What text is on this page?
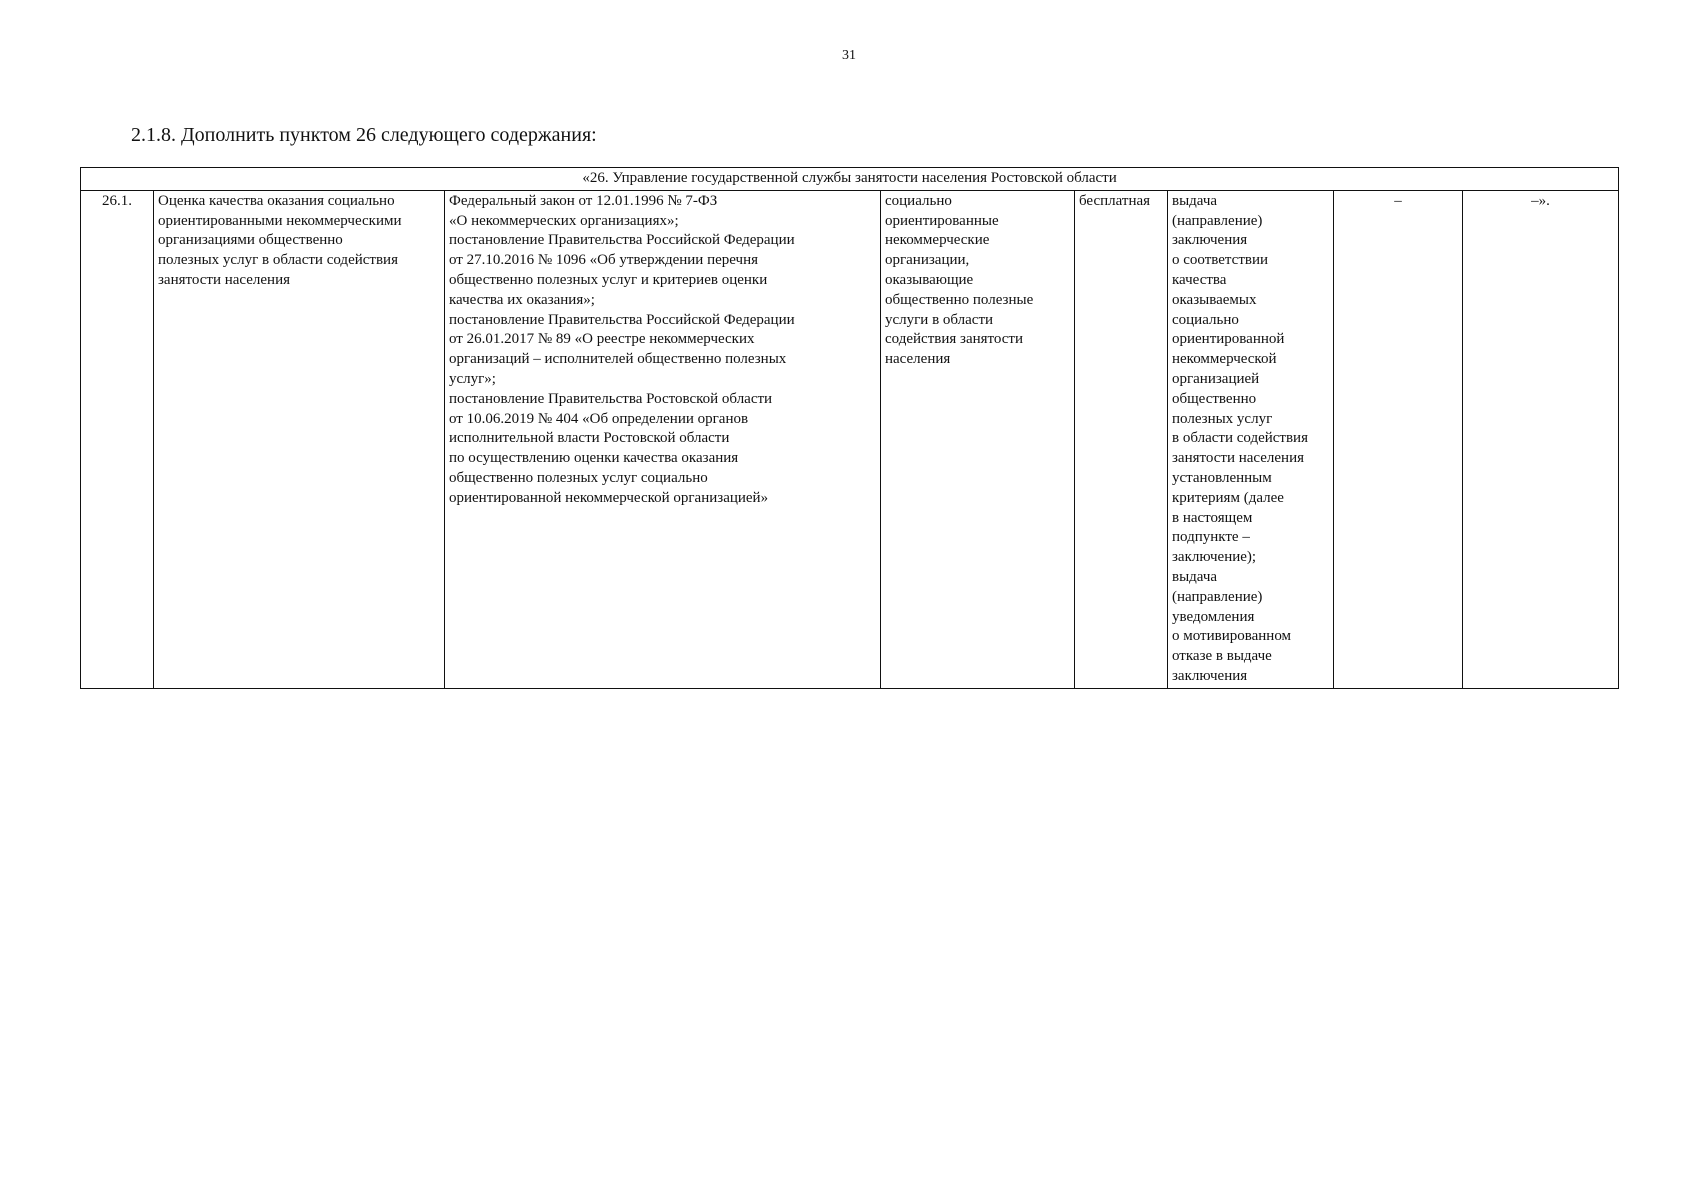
31
2.1.8. Дополнить пунктом 26 следующего содержания:
«26. Управление государственной службы занятости населения Ростовской области
26.1.	Оценка качества оказания социально
ориентированными некоммерческими
организациями общественно
полезных услуг в области содействия
занятости населения	Федеральный закон от 12.01.1996 № 7-ФЗ
«О некоммерческих организациях»;
постановление Правительства Российской Федерации
от 27.10.2016 № 1096 «Об утверждении перечня
общественно полезных услуг и критериев оценки
качества их оказания»;
постановление Правительства Российской Федерации
от 26.01.2017 № 89 «О реестре некоммерческих
организаций – исполнителей общественно полезных
услуг»;
постановление Правительства Ростовской области
от 10.06.2019 № 404 «Об определении органов
исполнительной власти Ростовской области
по осуществлению оценки качества оказания
общественно полезных услуг социально
ориентированной некоммерческой организацией»	социально
ориентированные
некоммерческие
организации,
оказывающие
общественно полезные
услуги в области
содействия занятости
населения	бесплатная	выдача
(направление)
заключения
о соответствии
качества
оказываемых
социально
ориентированной
некоммерческой
организацией
общественно
полезных услуг
в области содействия
занятости населения
установленным
критериям (далее
в настоящем
подпункте –
заключение);
выдача
(направление)
уведомления
о мотивированном
отказе в выдаче
заключения	–	–».
